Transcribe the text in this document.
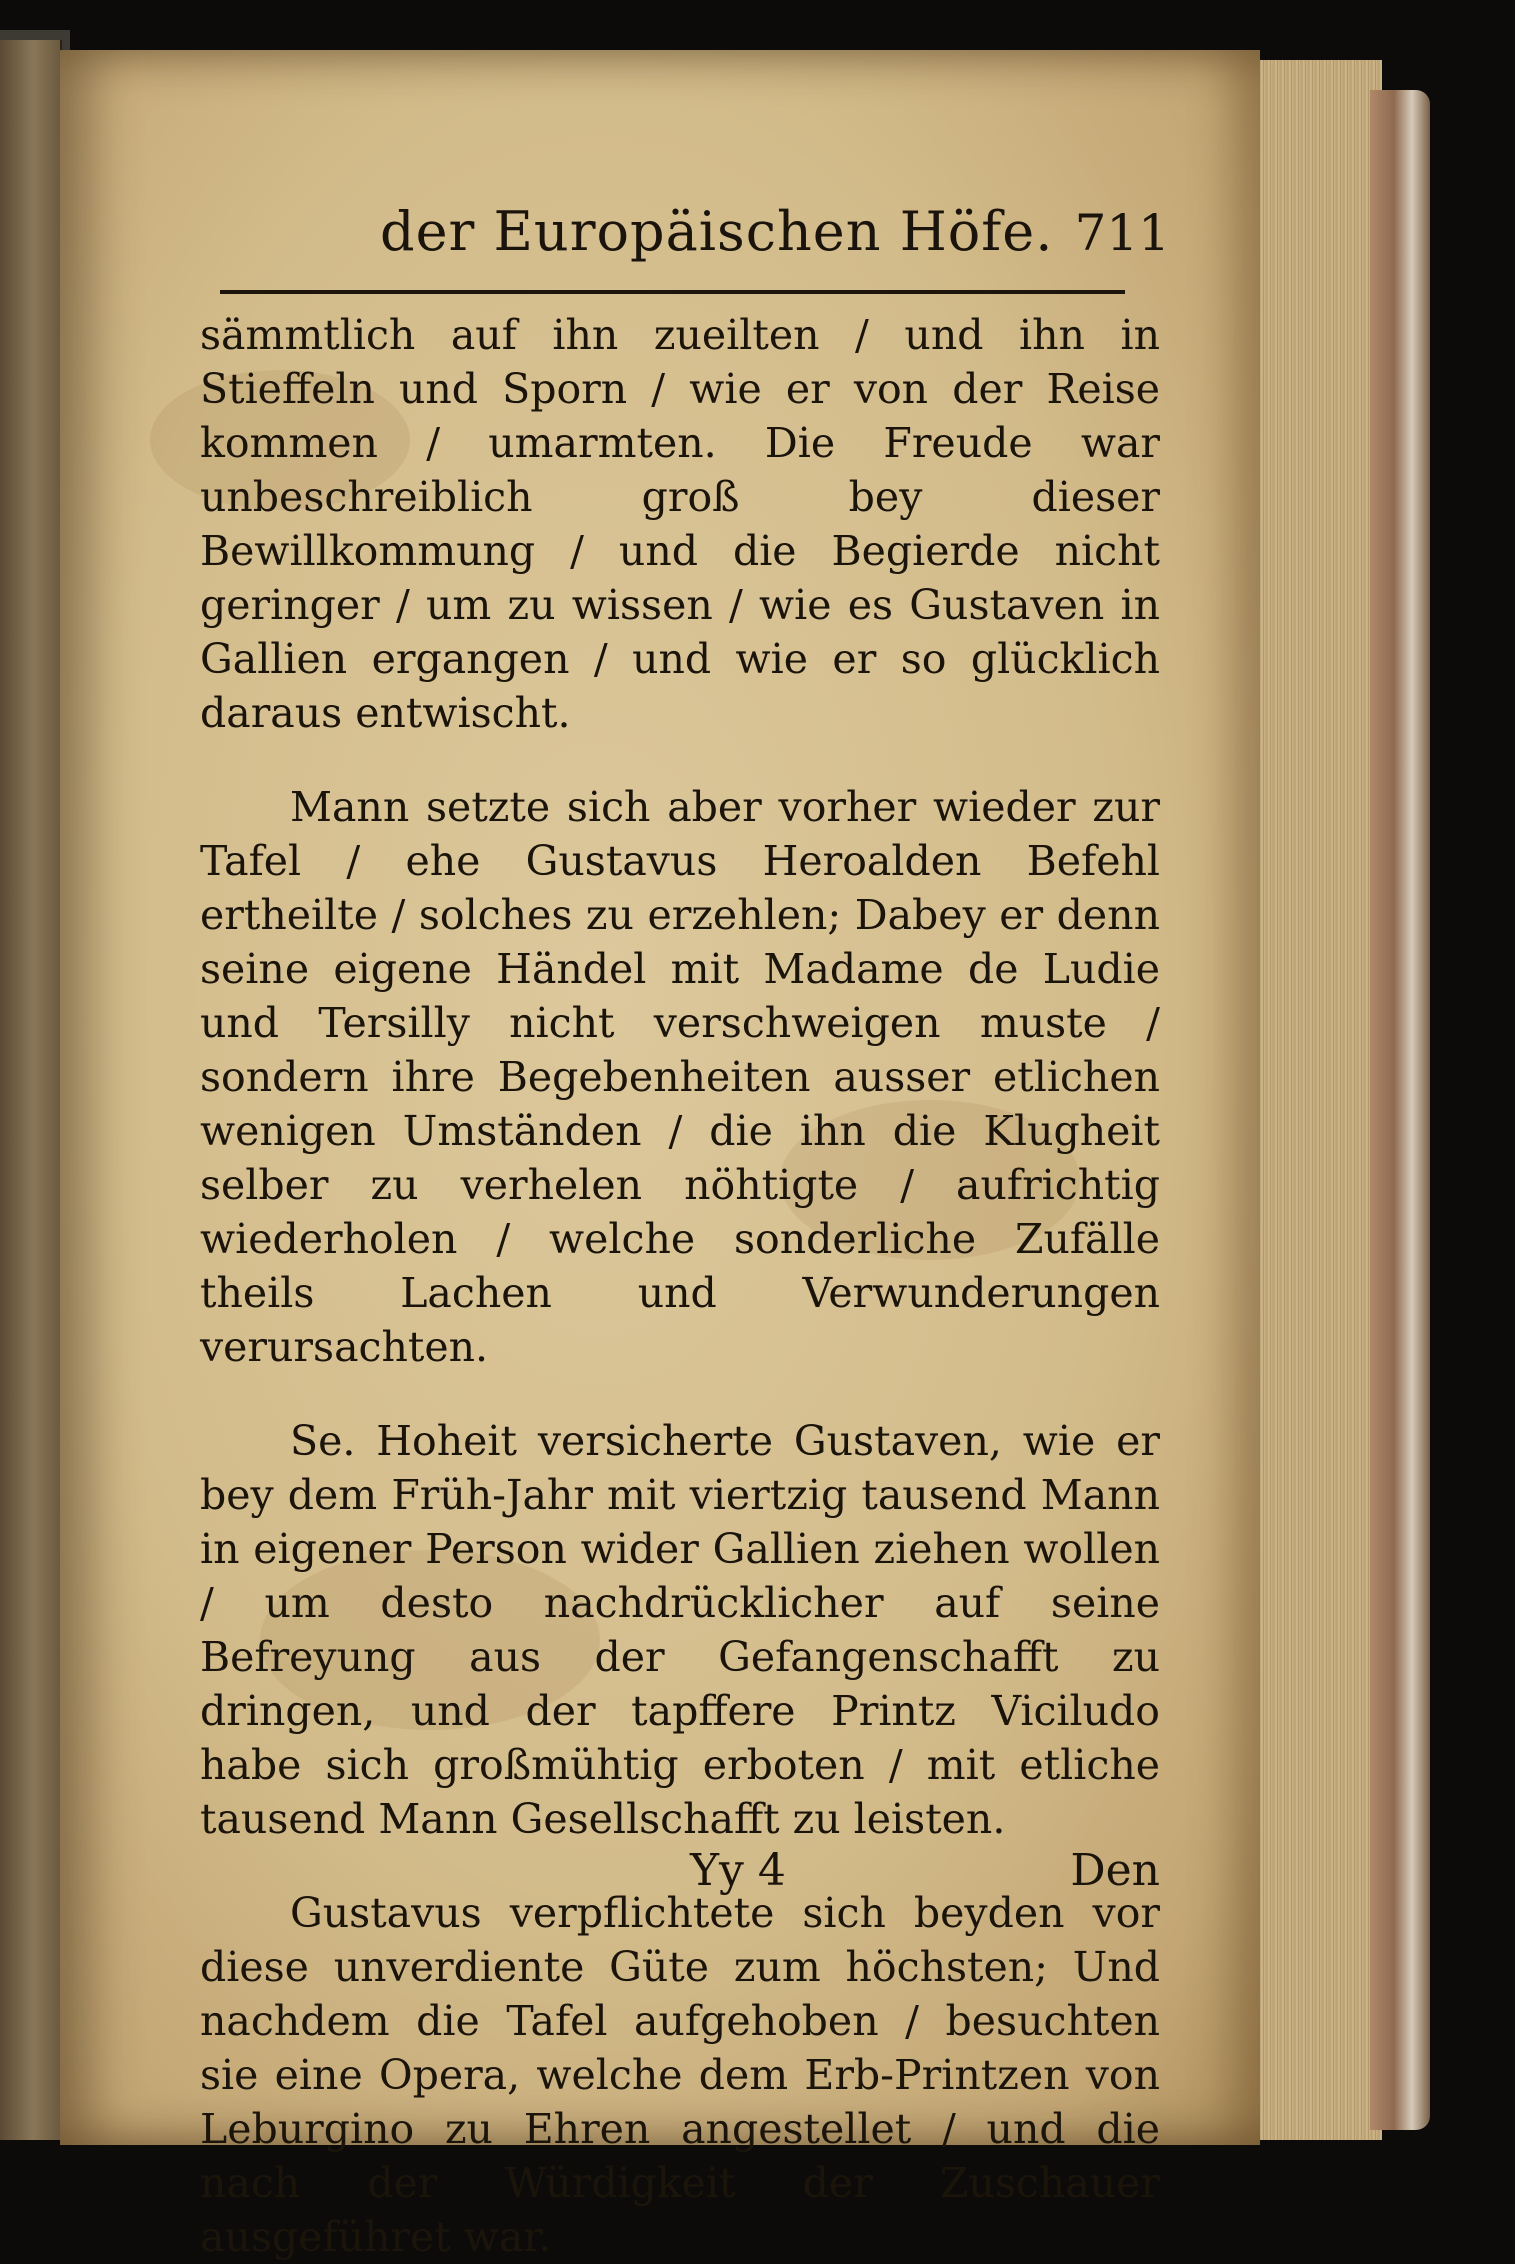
der Europäischen Höfe. 711

sämmtlich auf ihn zueilten / und ihn in Stieffeln und Sporn / wie er von der Reise kommen / umarmten. Die Freude war unbeschreiblich groß bey dieser Bewillkommung / und die Begierde nicht geringer / um zu wissen / wie es Gustaven in Gallien ergangen / und wie er so glücklich daraus entwischt.

Mann setzte sich aber vorher wieder zur Tafel / ehe Gustavus Heroalden Befehl ertheilte / solches zu erzehlen; Dabey er denn seine eigene Händel mit Madame de Ludie und Tersilly nicht verschweigen muste / sondern ihre Begebenheiten ausser etlichen wenigen Umständen / die ihn die Klugheit selber zu verhelen nöhtigte / aufrichtig wiederholen / welche sonderliche Zufälle theils Lachen und Verwunderungen verursachten.

Se. Hoheit versicherte Gustaven, wie er bey dem Früh-Jahr mit viertzig tausend Mann in eigener Person wider Gallien ziehen wollen / um desto nachdrücklicher auf seine Befreyung aus der Gefangenschafft zu dringen, und der tapffere Printz Viciludo habe sich großmühtig erboten / mit etliche tausend Mann Gesellschafft zu leisten.

Gustavus verpflichtete sich beyden vor diese unverdiente Güte zum höchsten; Und nachdem die Tafel aufgehoben / besuchten sie eine Opera, welche dem Erb-Printzen von Leburgino zu Ehren angestellet / und die nach der Würdigkeit der Zuschauer ausgeführet war.

Yy 4	Den
